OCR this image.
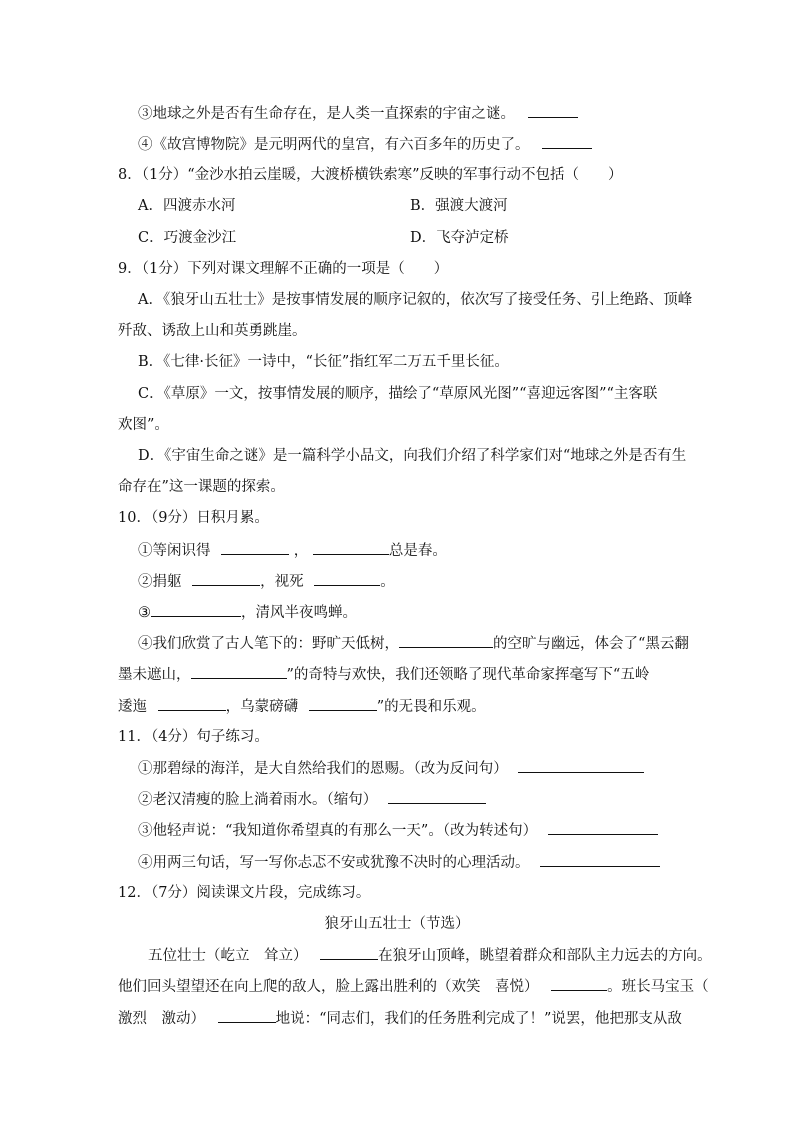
③地球之外是否有生命存在，是人类一直探索的宇宙之谜。
④《故宫博物院》是元明两代的皇宫，有六百多年的历史了。
8．（1分）“金沙水拍云崖暖，大渡桥横铁索寒”反映的军事行动不包括（　　）
A．四渡赤水河	B．强渡大渡河
C．巧渡金沙江	D．飞夺泸定桥
9．（1分）下列对课文理解不正确的一项是（　　）
A．《狼牙山五壮士》是按事情发展的顺序记叙的，依次写了接受任务、引上绝路、顶峰
歼敌、诱敌上山和英勇跳崖。
B．《七律·长征》一诗中，“长征”指红军二万五千里长征。
C．《草原》一文，按事情发展的顺序，描绘了“草原风光图”“喜迎远客图”“主客联
欢图”。
D．《宇宙生命之谜》是一篇科学小品文，向我们介绍了科学家们对“地球之外是否有生
命存在”这一课题的探索。
10．（9分）日积月累。
①等闲识得	，	总是春。
②捐躯	，视死	。
③	，清风半夜鸣蝉。
④我们欣赏了古人笔下的：野旷天低树，	的空旷与幽远，体会了“黑云翻
墨未遮山，	”的奇特与欢快，我们还领略了现代革命家挥毫写下“五岭
逶迤	，乌蒙磅礴	”的无畏和乐观。
11．（4分）句子练习。
①那碧绿的海洋，是大自然给我们的恩赐。（改为反问句）
②老汉清瘦的脸上淌着雨水。（缩句）
③他轻声说：“我知道你希望真的有那么一天”。（改为转述句）
④用两三句话，写一写你忐忑不安或犹豫不决时的心理活动。
12．（7分）阅读课文片段，完成练习。
狼牙山五壮士（节选）
五位壮士（屹立　耸立）	在狼牙山顶峰，眺望着群众和部队主力远去的方向。
他们回头望望还在向上爬的敌人，脸上露出胜利的（欢笑　喜悦）	。班长马宝玉（
激烈　激动）	地说：“同志们，我们的任务胜利完成了！”说罢，他把那支从敌
